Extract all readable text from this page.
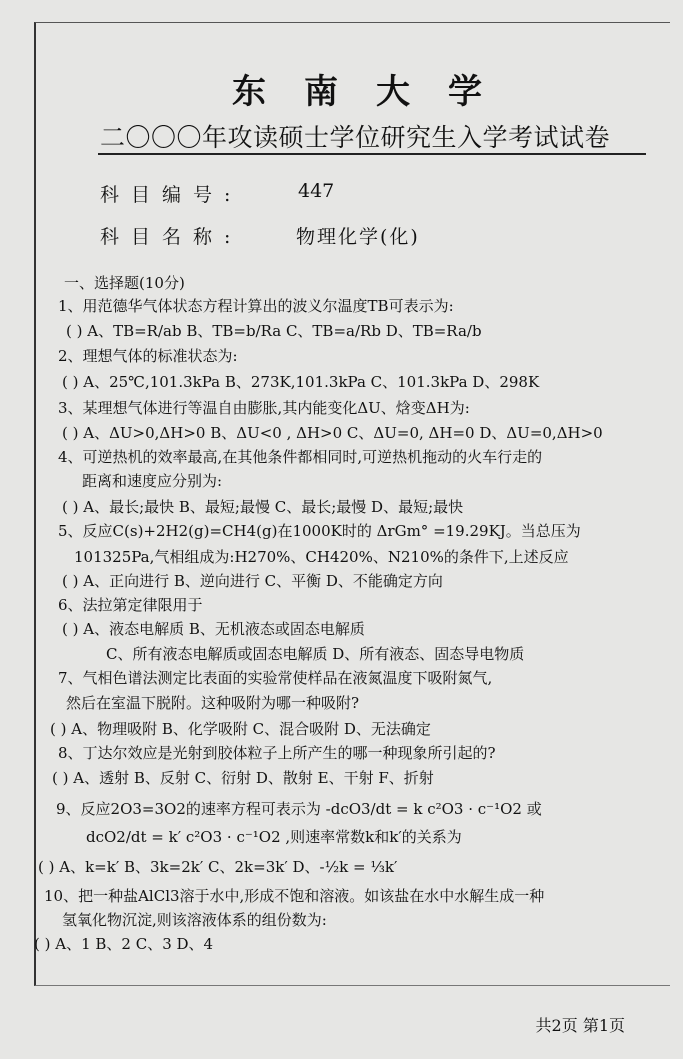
东南大学
二〇〇〇年攻读硕士学位研究生入学考试试卷
科目编号:	447
科目名称:	物理化学(化)
一、选择题(10分)
1、用范德华气体状态方程计算出的波义尔温度TB可表示为:
( ) A、TB=R/ab B、TB=b/Ra C、TB=a/Rb D、TB=Ra/b
2、理想气体的标准状态为:
( ) A、25℃,101.3kPa B、273K,101.3kPa C、101.3kPa D、298K
3、某理想气体进行等温自由膨胀,其内能变化ΔU、焓变ΔH为:
( ) A、ΔU>0,ΔH>0 B、ΔU<0 , ΔH>0 C、ΔU=0, ΔH=0 D、ΔU=0,ΔH>0
4、可逆热机的效率最高,在其他条件都相同时,可逆热机拖动的火车行走的
距离和速度应分别为:
( ) A、最长;最快 B、最短;最慢 C、最长;最慢 D、最短;最快
5、反应C(s)+2H2(g)=CH4(g)在1000K时的 ΔrGm° =19.29KJ。当总压为
101325Pa,气相组成为:H270%、CH420%、N210%的条件下,上述反应
( ) A、正向进行 B、逆向进行 C、平衡 D、不能确定方向
6、法拉第定律限用于
( ) A、液态电解质 B、无机液态或固态电解质
C、所有液态电解质或固态电解质 D、所有液态、固态导电物质
7、气相色谱法测定比表面的实验常使样品在液氮温度下吸附氮气,
然后在室温下脱附。这种吸附为哪一种吸附?
( ) A、物理吸附 B、化学吸附 C、混合吸附 D、无法确定
8、丁达尔效应是光射到胶体粒子上所产生的哪一种现象所引起的?
( ) A、透射 B、反射 C、衍射 D、散射 E、干射 F、折射
9、反应2O3=3O2的速率方程可表示为 -dcO3/dt = k c²O3 · c⁻¹O2 或
dcO2/dt = k′ c²O3 · c⁻¹O2 ,则速率常数k和k′的关系为
( ) A、k=k′ B、3k=2k′ C、2k=3k′ D、-½k = ⅓k′
10、把一种盐AlCl3溶于水中,形成不饱和溶液。如该盐在水中水解生成一种
氢氧化物沉淀,则该溶液体系的组份数为:
( ) A、1 B、2 C、3 D、4
共2页 第1页
